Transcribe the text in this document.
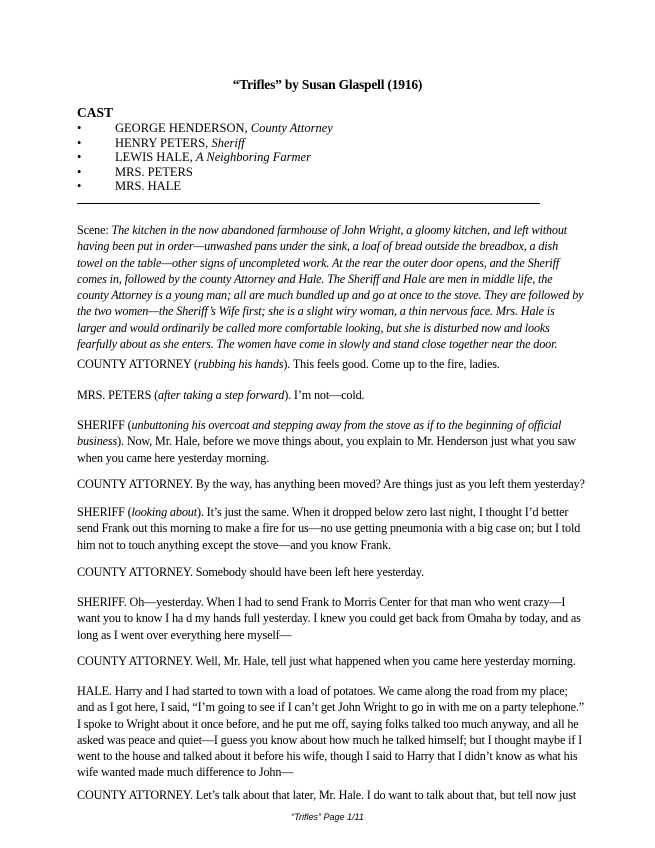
“Trifles” by Susan Glaspell (1916)
CAST
•	GEORGE HENDERSON, County Attorney
•	HENRY PETERS, Sheriff
•	LEWIS HALE, A Neighboring Farmer
•	MRS. PETERS
•	MRS. HALE

Scene: The kitchen in the now abandoned farmhouse of John Wright, a gloomy kitchen, and left without
having been put in order—unwashed pans under the sink, a loaf of bread outside the breadbox, a dish
towel on the table—other signs of uncompleted work. At the rear the outer door opens, and the Sheriff
comes in, followed by the county Attorney and Hale. The Sheriff and Hale are men in middle life, the
county Attorney is a young man; all are much bundled up and go at once to the stove. They are followed by
the two women—the Sheriff’s Wife first; she is a slight wiry woman, a thin nervous face. Mrs. Hale is
larger and would ordinarily be called more comfortable looking, but she is disturbed now and looks
fearfully about as she enters. The women have come in slowly and stand close together near the door.

COUNTY ATTORNEY (rubbing his hands). This feels good. Come up to the fire, ladies.

MRS. PETERS (after taking a step forward). I’m not—cold.

SHERIFF (unbuttoning his overcoat and stepping away from the stove as if to the beginning of official
business). Now, Mr. Hale, before we move things about, you explain to Mr. Henderson just what you saw
when you came here yesterday morning.

COUNTY ATTORNEY. By the way, has anything been moved? Are things just as you left them yesterday?

SHERIFF (looking about). It’s just the same. When it dropped below zero last night, I thought I’d better
send Frank out this morning to make a fire for us—no use getting pneumonia with a big case on; but I told
him not to touch anything except the stove—and you know Frank.

COUNTY ATTORNEY. Somebody should have been left here yesterday.

SHERIFF. Oh—yesterday. When I had to send Frank to Morris Center for that man who went crazy—I
want you to know I ha d my hands full yesterday. I knew you could get back from Omaha by today, and as
long as I went over everything here myself—

COUNTY ATTORNEY. Well, Mr. Hale, tell just what happened when you came here yesterday morning.

HALE. Harry and I had started to town with a load of potatoes. We came along the road from my place;
and as I got here, I said, “I’m going to see if I can’t get John Wright to go in with me on a party telephone.”
I spoke to Wright about it once before, and he put me off, saying folks talked too much anyway, and all he
asked was peace and quiet—I guess you know about how much he talked himself; but I thought maybe if I
went to the house and talked about it before his wife, though I said to Harry that I didn’t know as what his
wife wanted made much difference to John—

COUNTY ATTORNEY. Let’s talk about that later, Mr. Hale. I do want to talk about that, but tell now just

“Trifles” Page 1/11
